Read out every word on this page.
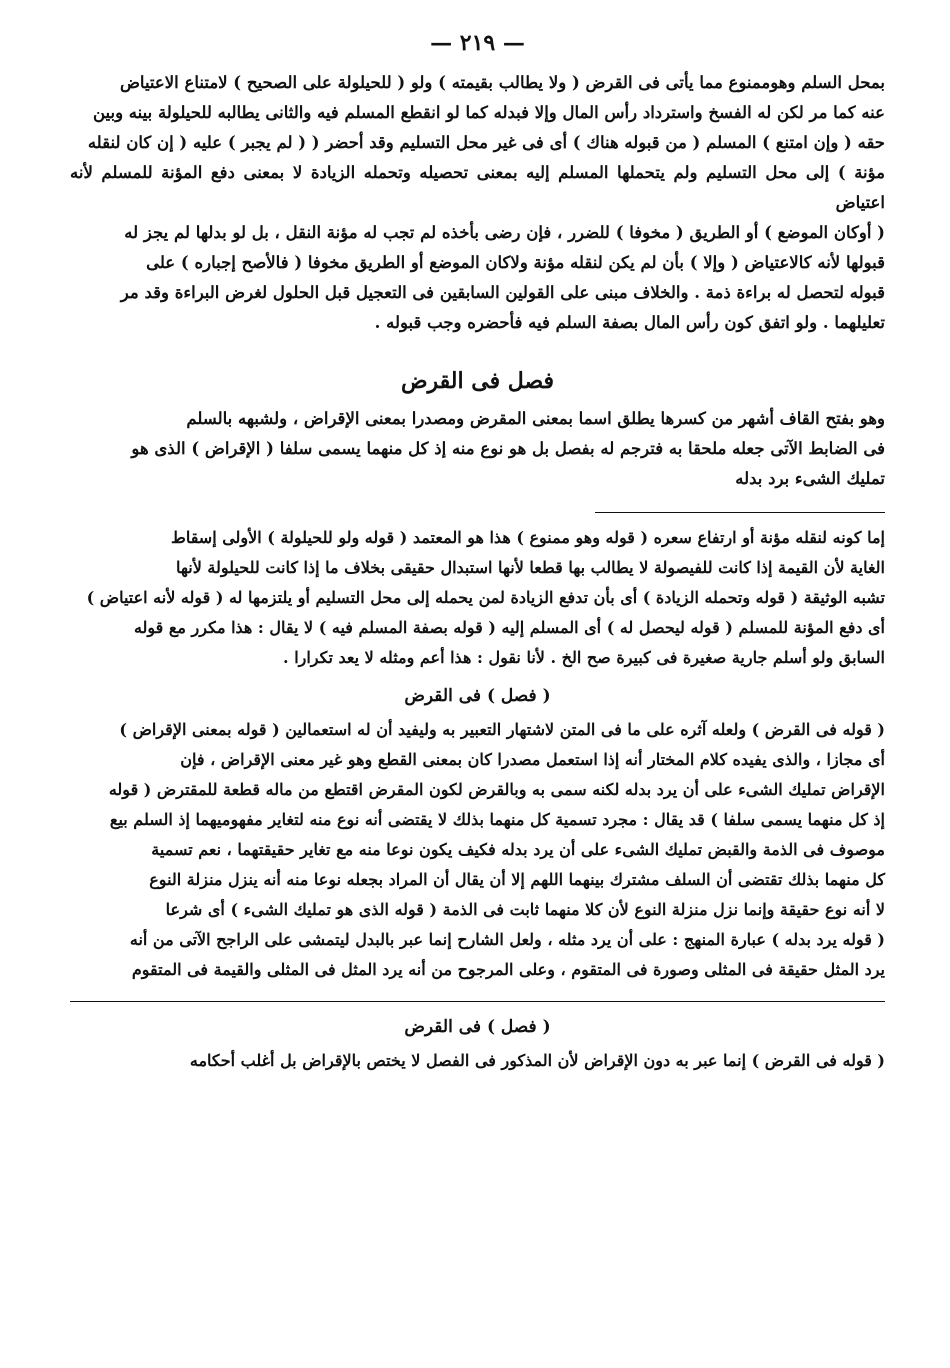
— ٢١٩ —

بمحل السلم وهوممنوع مما يأتى فى القرض ( ولا يطالب بقيمته ) ولو ( للحيلولة على الصحيح ) لامتناع الاعتياض

عنه كما مر لكن له الفسخ واسترداد رأس المال وإلا فبدله كما لو انقطع المسلم فيه والثانى يطالبه للحيلولة بينه وبين

حقه ( وإن امتنع ) المسلم ( من قبوله هناك ) أى فى غير محل التسليم وقد أحضر ( ( لم يجبر ) عليه ( إن كان لنقله

مؤنة ) إلى محل التسليم ولم يتحملها المسلم إليه بمعنى تحصيله وتحمله الزيادة لا بمعنى دفع المؤنة للمسلم لأنه اعتياض

( أوكان الموضع ) أو الطريق ( مخوفا ) للضرر ، فإن رضى بأخذه لم تجب له مؤنة النقل ، بل لو بدلها لم يجز له

قبولها لأنه كالاعتياض ( وإلا ) بأن لم يكن لنقله مؤنة ولاكان الموضع أو الطريق مخوفا ( فالأصح إجباره ) على

قبوله لتحصل له براءة ذمة . والخلاف مبنى على القولين السابقين فى التعجيل قبل الحلول لغرض البراءة وقد مر

تعليلهما . ولو اتفق كون رأس المال بصفة السلم فيه فأحضره وجب قبوله .

فصل فى القرض

وهو بفتح القاف أشهر من كسرها يطلق اسما بمعنى المقرض ومصدرا بمعنى الإقراض ، ولشبهه بالسلم

فى الضابط الآتى جعله ملحقا به فترجم له بفصل بل هو نوع منه إذ كل منهما يسمى سلفا ( الإقراض ) الذى هو

تمليك الشىء برد بدله

إما كونه لنقله مؤنة أو ارتفاع سعره ( قوله وهو ممنوع ) هذا هو المعتمد ( قوله ولو للحيلولة ) الأولى إسقاط

الغاية لأن القيمة إذا كانت للفيصولة لا يطالب بها قطعا لأنها استبدال حقيقى بخلاف ما إذا كانت للحيلولة لأنها

تشبه الوثيقة ( قوله وتحمله الزيادة ) أى بأن تدفع الزيادة لمن يحمله إلى محل التسليم أو يلتزمها له ( قوله لأنه اعتياض )

أى دفع المؤنة للمسلم ( قوله ليحصل له ) أى المسلم إليه ( قوله بصفة المسلم فيه ) لا يقال : هذا مكرر مع قوله

السابق ولو أسلم جارية صغيرة فى كبيرة صح الخ . لأنا نقول : هذا أعم ومثله لا يعد تكرارا .

( فصل ) فى القرض

( قوله فى القرض ) ولعله آثره على ما فى المتن لاشتهار التعبير به وليفيد أن له استعمالين ( قوله بمعنى الإقراض )

أى مجازا ، والذى يفيده كلام المختار أنه إذا استعمل مصدرا كان بمعنى القطع وهو غير معنى الإقراض ، فإن

الإقراض تمليك الشىء على أن يرد بدله لكنه سمى به وبالقرض لكون المقرض اقتطع من ماله قطعة للمقترض ( قوله

إذ كل منهما يسمى سلفا ) قد يقال : مجرد تسمية كل منهما بذلك لا يقتضى أنه نوع منه لتغاير مفهوميهما إذ السلم بيع

موصوف فى الذمة والقبض تمليك الشىء على أن يرد بدله فكيف يكون نوعا منه مع تغاير حقيقتهما ، نعم تسمية

كل منهما بذلك تقتضى أن السلف مشترك بينهما اللهم إلا أن يقال أن المراد بجعله نوعا منه أنه ينزل منزلة النوع

لا أنه نوع حقيقة وإنما نزل منزلة النوع لأن كلا منهما ثابت فى الذمة ( قوله الذى هو تمليك الشىء ) أى شرعا

( قوله يرد بدله ) عبارة المنهج : على أن يرد مثله ، ولعل الشارح إنما عبر بالبدل ليتمشى على الراجح الآتى من أنه

يرد المثل حقيقة فى المثلى وصورة فى المتقوم ، وعلى المرجوح من أنه يرد المثل فى المثلى والقيمة فى المتقوم

( فصل ) فى القرض

( قوله فى القرض ) إنما عبر به دون الإقراض لأن المذكور فى الفصل لا يختص بالإقراض بل أغلب أحكامه
